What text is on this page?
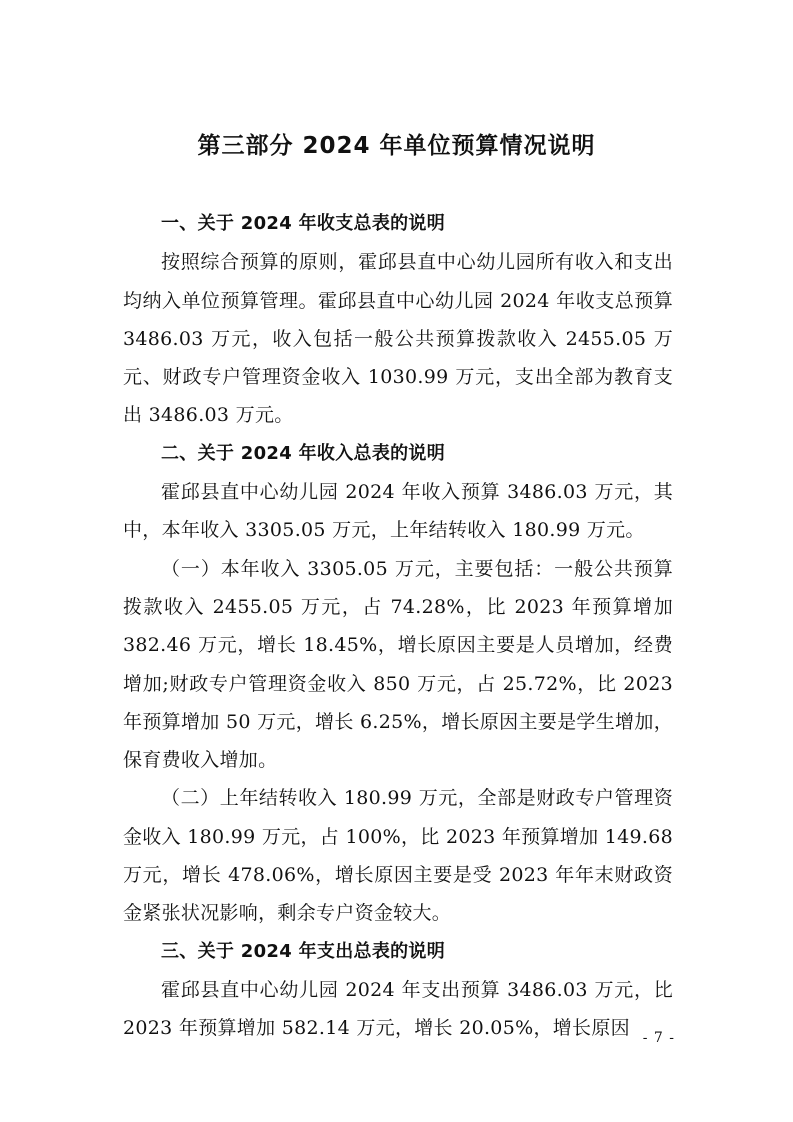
第三部分 2024 年单位预算情况说明

一、关于 2024 年收支总表的说明

按照综合预算的原则，霍邱县直中心幼儿园所有收入和支出均纳入单位预算管理。霍邱县直中心幼儿园 2024 年收支总预算 3486.03 万元，收入包括一般公共预算拨款收入 2455.05 万元、财政专户管理资金收入 1030.99 万元，支出全部为教育支出 3486.03 万元。

二、关于 2024 年收入总表的说明

霍邱县直中心幼儿园 2024 年收入预算 3486.03 万元，其中，本年收入 3305.05 万元，上年结转收入 180.99 万元。

（一）本年收入 3305.05 万元，主要包括：一般公共预算拨款收入 2455.05 万元，占 74.28%，比 2023 年预算增加 382.46 万元，增长 18.45%，增长原因主要是人员增加，经费增加;财政专户管理资金收入 850 万元，占 25.72%，比 2023 年预算增加 50 万元，增长 6.25%，增长原因主要是学生增加，保育费收入增加。

（二）上年结转收入 180.99 万元，全部是财政专户管理资金收入 180.99 万元，占 100%，比 2023 年预算增加 149.68 万元，增长 478.06%，增长原因主要是受 2023 年年末财政资金紧张状况影响，剩余专户资金较大。

三、关于 2024 年支出总表的说明

霍邱县直中心幼儿园 2024 年支出预算 3486.03 万元，比 2023 年预算增加 582.14 万元，增长 20.05%，增长原因 - 7 -
